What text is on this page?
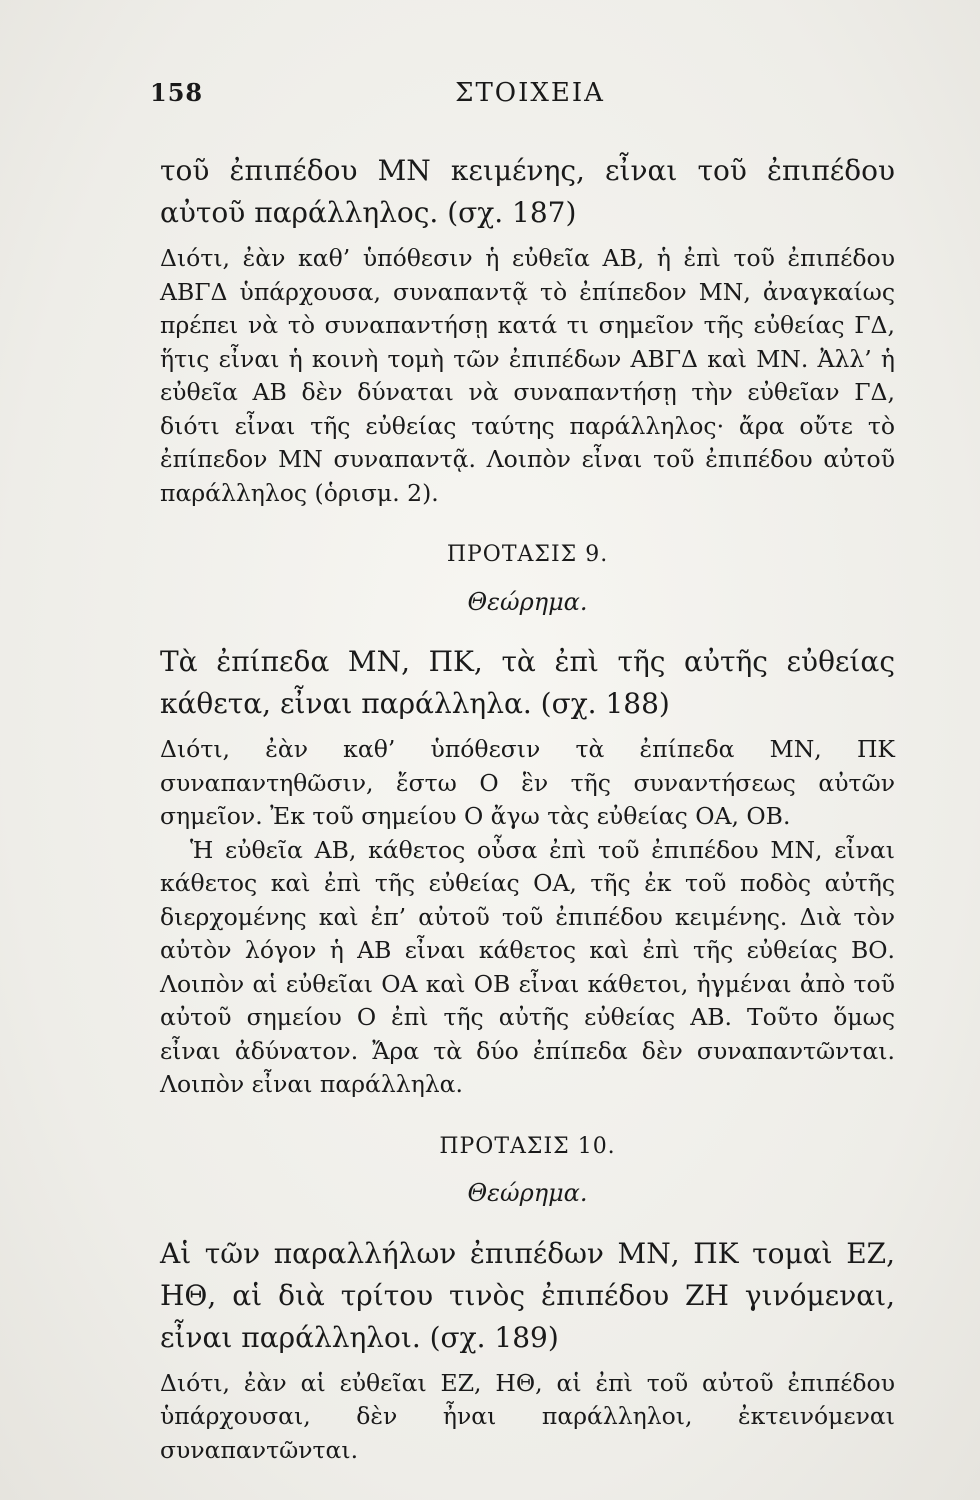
158	ΣΤΟΙΧΕΙΑ

τοῦ ἐπιπέδου ΜΝ κειμένης, εἶναι τοῦ ἐπιπέδου αὐτοῦ παράλληλος. (σχ. 187)

Διότι, ἐὰν καθ’ ὑπόθεσιν ἡ εὐθεῖα ΑΒ, ἡ ἐπὶ τοῦ ἐπιπέδου ΑΒΓΔ ὑπάρχουσα, συναπαντᾷ τὸ ἐπίπεδον ΜΝ, ἀναγκαίως πρέπει νὰ τὸ συναπαντήσῃ κατά τι σημεῖον τῆς εὐθείας ΓΔ, ἥτις εἶναι ἡ κοινὴ τομὴ τῶν ἐπιπέδων ΑΒΓΔ καὶ ΜΝ. Ἀλλ’ ἡ εὐθεῖα ΑΒ δὲν δύναται νὰ συναπαντήσῃ τὴν εὐθεῖαν ΓΔ, διότι εἶναι τῆς εὐθείας ταύτης παράλληλος· ἄρα οὔτε τὸ ἐπίπεδον ΜΝ συναπαντᾷ. Λοιπὸν εἶναι τοῦ ἐπιπέδου αὐτοῦ παράλληλος (ὁρισμ. 2).

ΠΡΟΤΑΣΙΣ 9.

Θεώρημα.

Τὰ ἐπίπεδα ΜΝ, ΠΚ, τὰ ἐπὶ τῆς αὐτῆς εὐθείας κάθετα, εἶναι παράλληλα. (σχ. 188)

Διότι, ἐὰν καθ’ ὑπόθεσιν τὰ ἐπίπεδα ΜΝ, ΠΚ συναπαντηθῶσιν, ἔστω Ο ἓν τῆς συναντήσεως αὐτῶν σημεῖον. Ἐκ τοῦ σημείου Ο ἄγω τὰς εὐθείας ΟΑ, ΟΒ.

Ἡ εὐθεῖα ΑΒ, κάθετος οὖσα ἐπὶ τοῦ ἐπιπέδου ΜΝ, εἶναι κάθετος καὶ ἐπὶ τῆς εὐθείας ΟΑ, τῆς ἐκ τοῦ ποδὸς αὐτῆς διερχομένης καὶ ἐπ’ αὐτοῦ τοῦ ἐπιπέδου κειμένης. Διὰ τὸν αὐτὸν λόγον ἡ ΑΒ εἶναι κάθετος καὶ ἐπὶ τῆς εὐθείας ΒΟ. Λοιπὸν αἱ εὐθεῖαι ΟΑ καὶ ΟΒ εἶναι κάθετοι, ἠγμέναι ἀπὸ τοῦ αὐτοῦ σημείου Ο ἐπὶ τῆς αὐτῆς εὐθείας ΑΒ. Τοῦτο ὅμως εἶναι ἀδύνατον. Ἄρα τὰ δύο ἐπίπεδα δὲν συναπαντῶνται. Λοιπὸν εἶναι παράλληλα.

ΠΡΟΤΑΣΙΣ 10.

Θεώρημα.

Αἱ τῶν παραλλήλων ἐπιπέδων ΜΝ, ΠΚ τομαὶ ΕΖ, ΗΘ, αἱ διὰ τρίτου τινὸς ἐπιπέδου ΖΗ γινόμεναι, εἶναι παράλληλοι. (σχ. 189)

Διότι, ἐὰν αἱ εὐθεῖαι ΕΖ, ΗΘ, αἱ ἐπὶ τοῦ αὐτοῦ ἐπιπέδου ὑπάρχουσαι, δὲν ἦναι παράλληλοι, ἐκτεινόμεναι συναπαντῶνται.
